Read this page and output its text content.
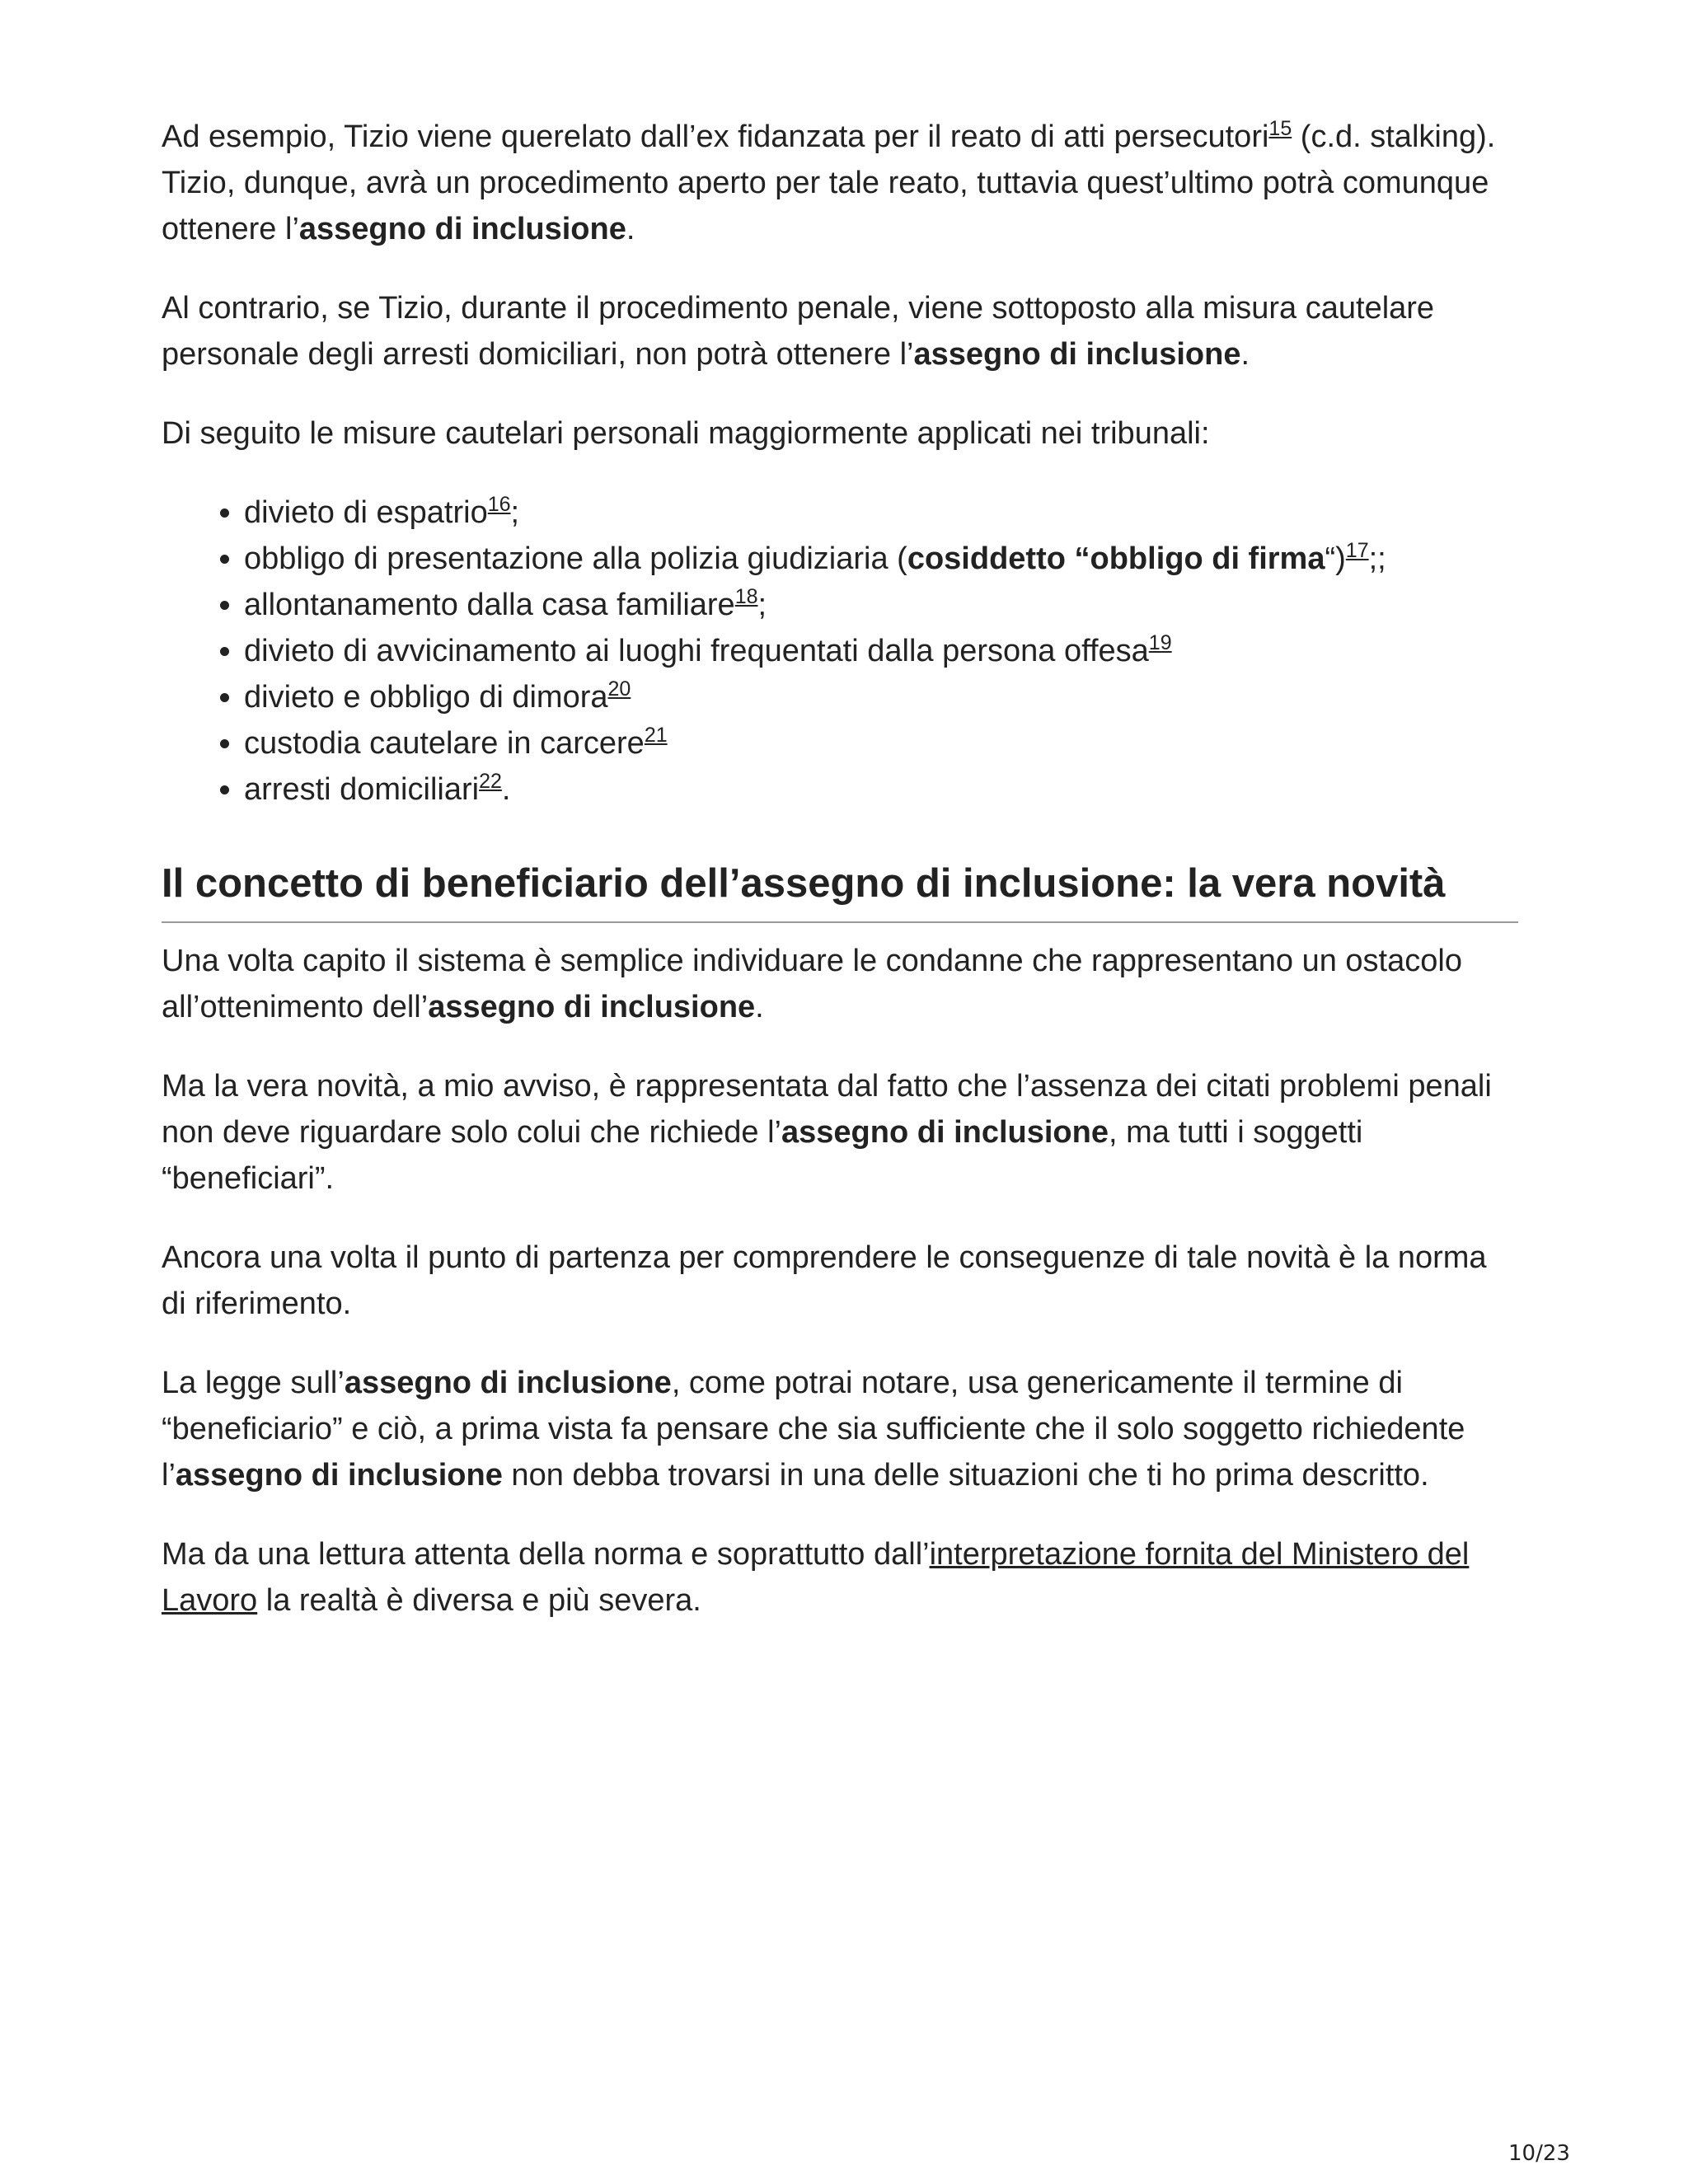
Ad esempio, Tizio viene querelato dall’ex fidanzata per il reato di atti persecutori$^{15}$ (c.d. stalking). Tizio, dunque, avrà un procedimento aperto per tale reato, tuttavia quest’ultimo potrà comunque ottenere l’assegno di inclusione.

Al contrario, se Tizio, durante il procedimento penale, viene sottoposto alla misura cautelare personale degli arresti domiciliari, non potrà ottenere l’assegno di inclusione.

Di seguito le misure cautelari personali maggiormente applicati nei tribunali:

• divieto di espatrio$^{16}$;
• obbligo di presentazione alla polizia giudiziaria (cosiddetto “obbligo di firma“)$^{17}$;;
• allontanamento dalla casa familiare$^{18}$;
• divieto di avvicinamento ai luoghi frequentati dalla persona offesa$^{19}$
• divieto e obbligo di dimora$^{20}$
• custodia cautelare in carcere$^{21}$
• arresti domiciliari$^{22}$.
Il concetto di beneficiario dell’assegno di inclusione: la vera novità

Una volta capito il sistema è semplice individuare le condanne che rappresentano un ostacolo all’ottenimento dell’assegno di inclusione.

Ma la vera novità, a mio avviso, è rappresentata dal fatto che l’assenza dei citati problemi penali non deve riguardare solo colui che richiede l’assegno di inclusione, ma tutti i soggetti “beneficiari”.

Ancora una volta il punto di partenza per comprendere le conseguenze di tale novità è la norma di riferimento.

La legge sull’assegno di inclusione, come potrai notare, usa genericamente il termine di “beneficiario” e ciò, a prima vista fa pensare che sia sufficiente che il solo soggetto richiedente l’assegno di inclusione non debba trovarsi in una delle situazioni che ti ho prima descritto.

Ma da una lettura attenta della norma e soprattutto dall’interpretazione fornita del Ministero del Lavoro la realtà è diversa e più severa.

10/23
